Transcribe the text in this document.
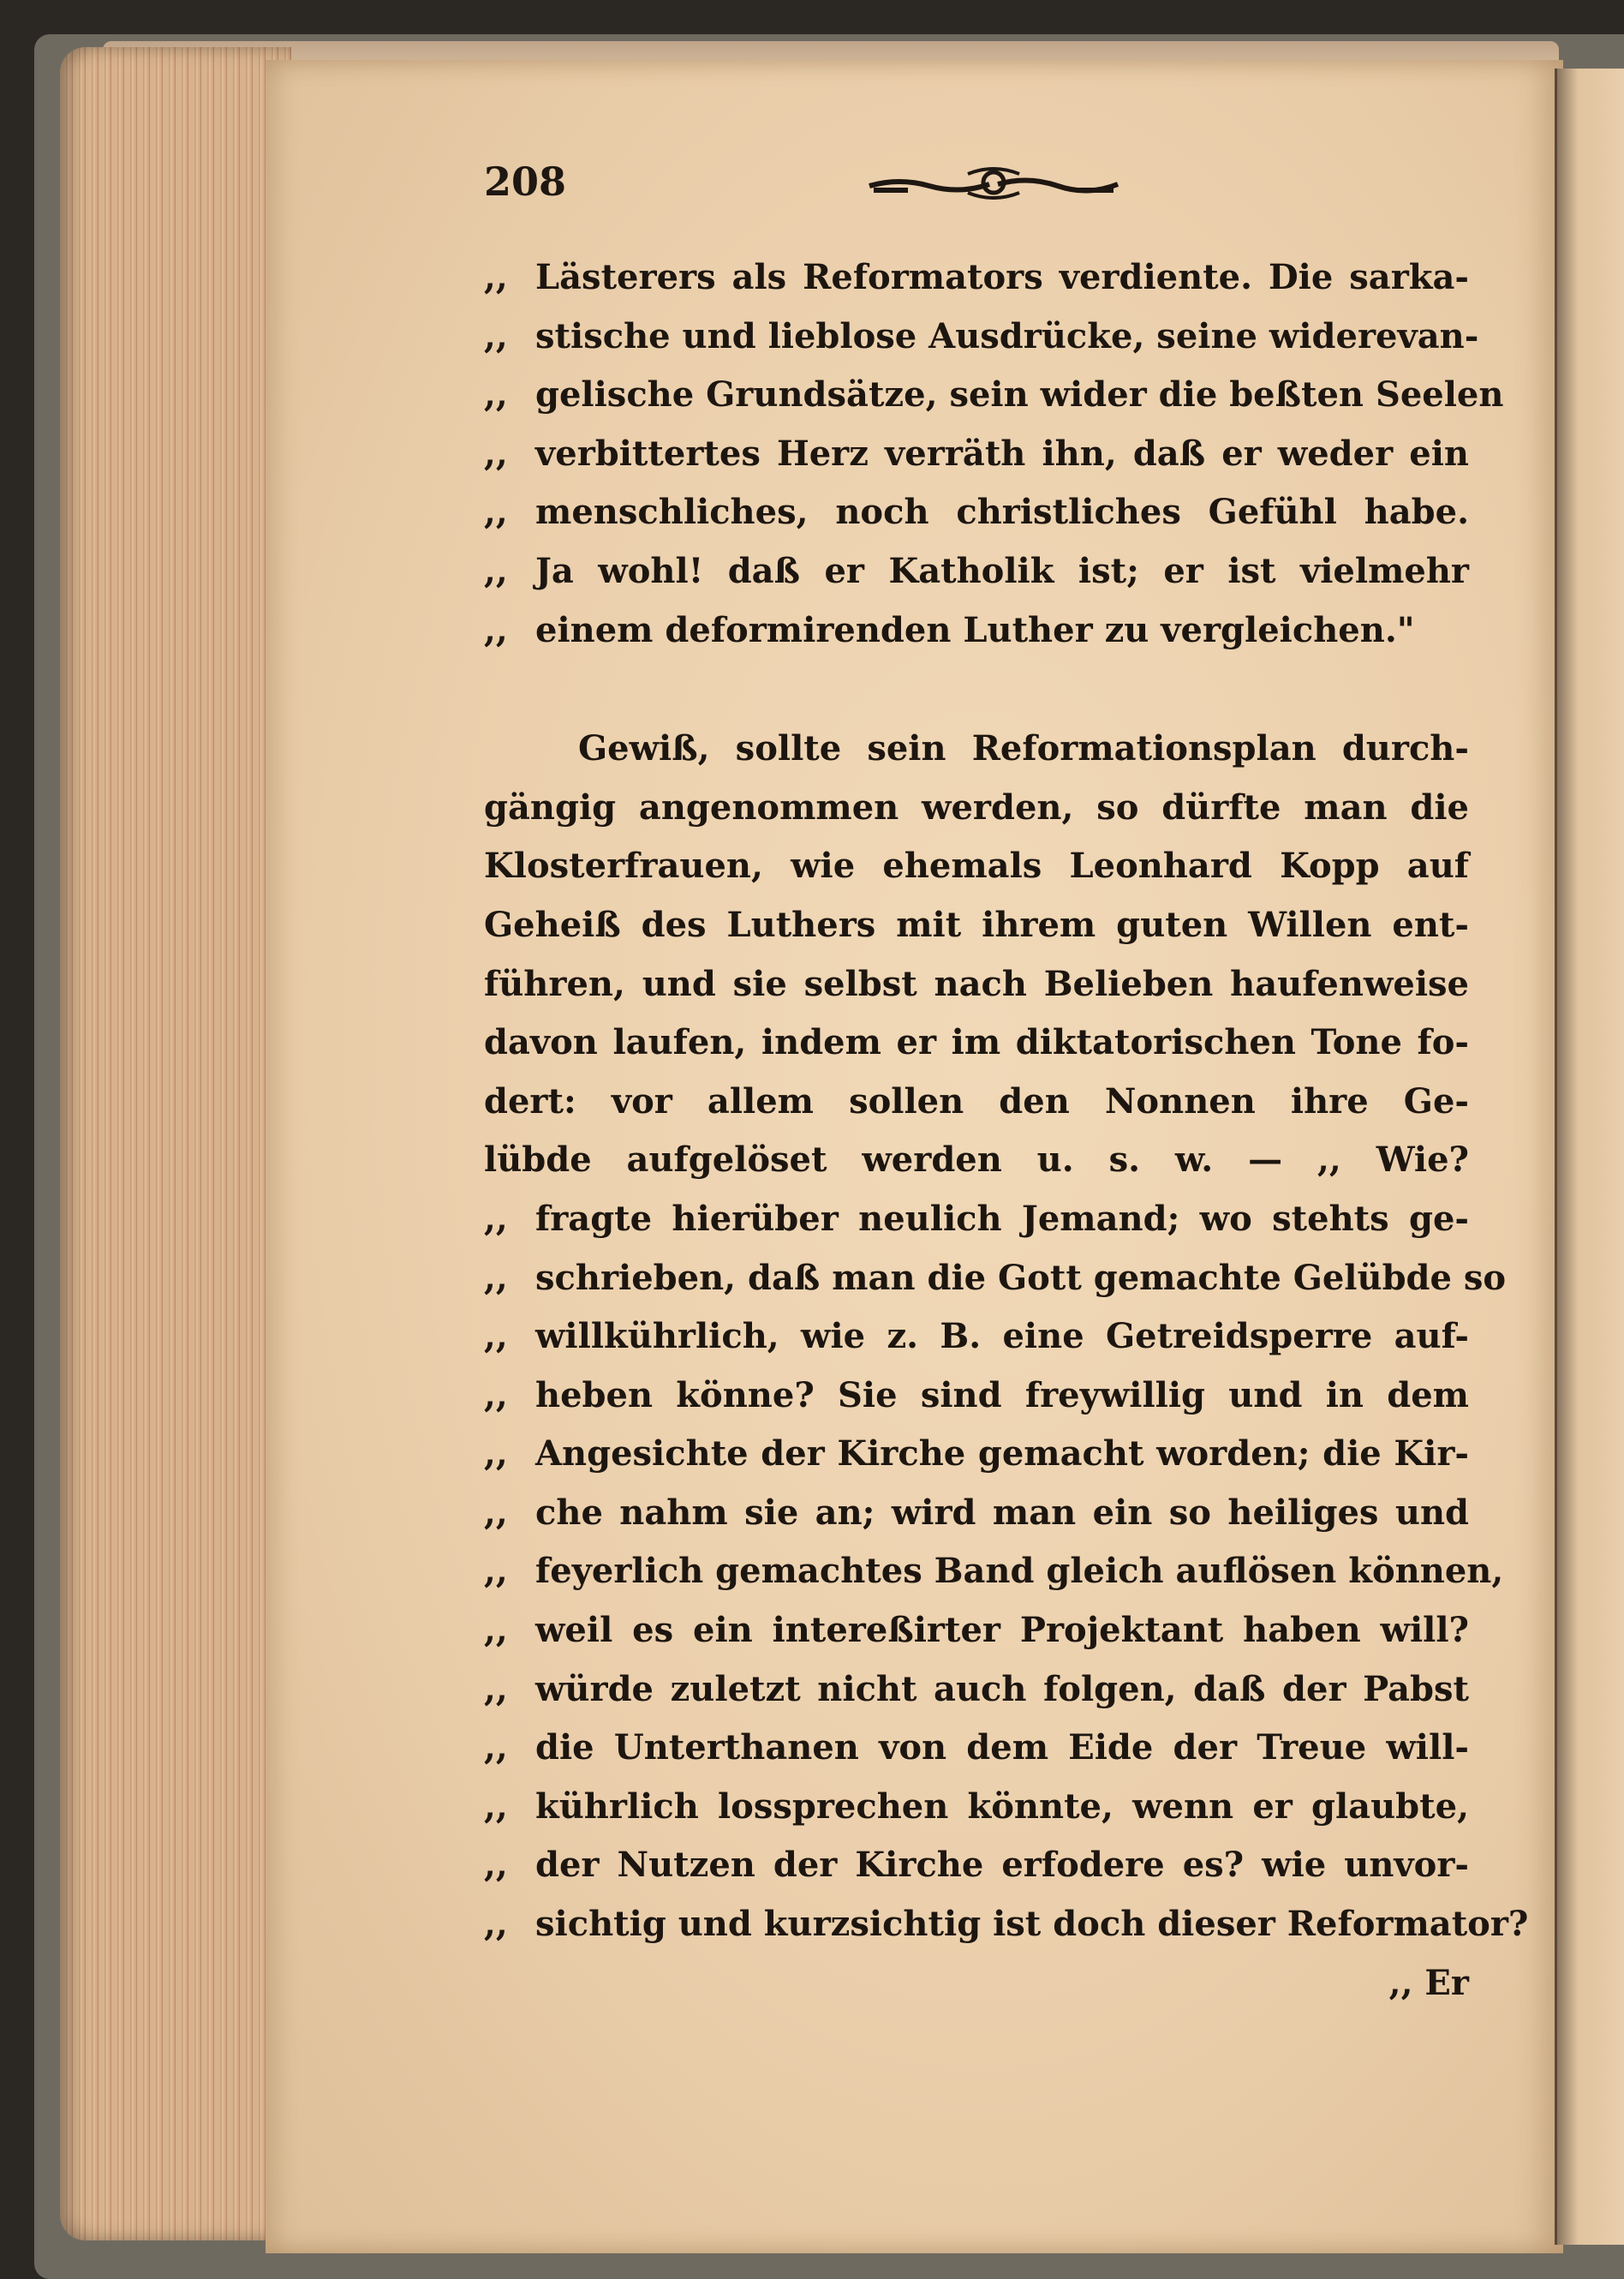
208
,, Lästerers als Reformators verdiente. Die sarka-
,, stische und lieblose Ausdrücke, seine widerevan-
,, gelische Grundsätze, sein wider die beßten Seelen
,, verbittertes Herz verräth ihn, daß er weder ein
,, menschliches, noch christliches Gefühl habe.
,, Ja wohl! daß er Katholik ist; er ist vielmehr
,, einem deformirenden Luther zu vergleichen."
Gewiß, sollte sein Reformationsplan durch-
gängig angenommen werden, so dürfte man die
Klosterfrauen, wie ehemals Leonhard Kopp auf
Geheiß des Luthers mit ihrem guten Willen ent-
führen, und sie selbst nach Belieben haufenweise
davon laufen, indem er im diktatorischen Tone fo-
dert: vor allem sollen den Nonnen ihre Ge-
lübde aufgelöset werden u. s. w. — ,, Wie?
,, fragte hierüber neulich Jemand; wo stehts ge-
,, schrieben, daß man die Gott gemachte Gelübde so
,, willkührlich, wie z. B. eine Getreidsperre auf-
,, heben könne? Sie sind freywillig und in dem
,, Angesichte der Kirche gemacht worden; die Kir-
,, che nahm sie an; wird man ein so heiliges und
,, feyerlich gemachtes Band gleich auflösen können,
,, weil es ein intereßirter Projektant haben will?
,, würde zuletzt nicht auch folgen, daß der Pabst
,, die Unterthanen von dem Eide der Treue will-
,, kührlich lossprechen könnte, wenn er glaubte,
,, der Nutzen der Kirche erfodere es? wie unvor-
,, sichtig und kurzsichtig ist doch dieser Reformator?
,, Er
